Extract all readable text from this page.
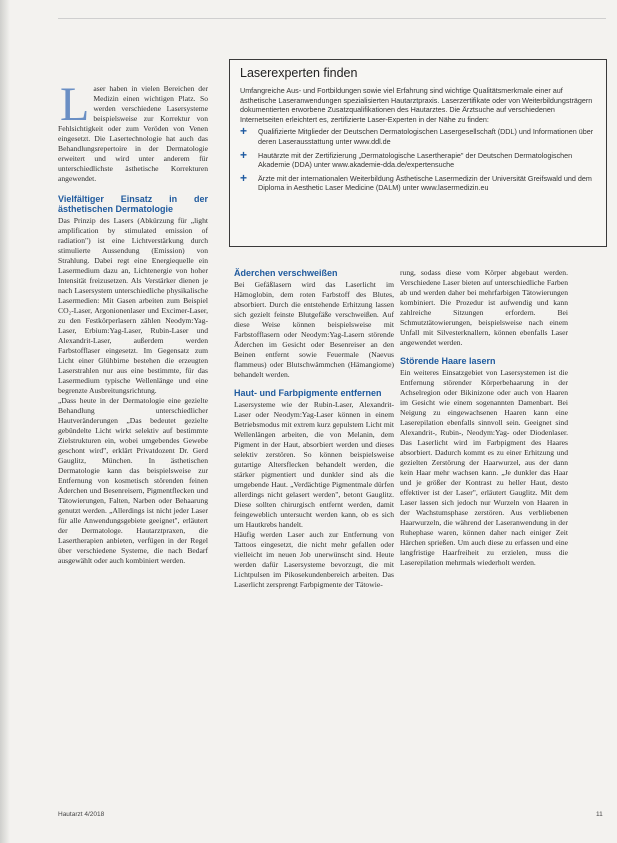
Laserexperten finden

Umfangreiche Aus- und Fortbildungen sowie viel Erfahrung sind wichtige Qualitätsmerkmale einer auf ästhetische Laseranwendungen spezialisierten Hautarztpraxis. Laserzertifikate oder von Weiterbildungsträgern dokumentierten erworbene Zusatzqualifikationen des Hautarztes. Die Ärztsuche auf verschiedenen Internetseiten erleichtert es, zertifizierte Laser-Experten in der Nähe zu finden:

+ Qualifizierte Mitglieder der Deutschen Dermatologischen Lasergesellschaft (DDL) und Informationen über deren Laserausstattung unter www.ddl.de
+ Hautärzte mit der Zertifizierung „Dermatologische Lasertherapie" der Deutschen Dermatologischen Akademie (DDA) unter www.akademie-dda.de/expertensuche
+ Ärzte mit der internationalen Weiterbildung Ästhetische Lasermedizin der Universität Greifswald und dem Diploma in Aesthetic Laser Medicine (DALM) unter www.lasermedizin.eu

Laser haben in vielen Bereichen der Medizin einen wichtigen Platz. So werden verschiedene Lasersysteme beispielsweise zur Korrektur von Fehlsichtigkeit oder zum Veröden von Venen eingesetzt. Die Lasertechnologie hat auch das Behandlungsrepertoire in der Dermatologie erweitert und wird unter anderem für unterschiedlichste ästhetische Korrekturen angewendet.

Vielfältiger Einsatz in der ästhetischen Dermatologie

Das Prinzip des Lasers (Abkürzung für „light amplification by stimulated emission of radiation") ist eine Lichtverstärkung durch stimulierte Aussendung (Emission) von Strahlung. Dabei regt eine Energiequelle ein Lasermedium dazu an, Lichtenergie von hoher Intensität freizusetzen. Als Verstärker dienen je nach Lasersystem unterschiedliche physikalische Lasermedien: Mit Gasen arbeiten zum Beispiel CO₂-Laser, Argonionenlaser und Excimer-Laser, zu den Festkörperlasern zählen Neodym:Yag-Laser, Erbium:Yag-Laser, Rubin-Laser und Alexandrit-Laser, außerdem werden Farbstofflaser eingesetzt. Im Gegensatz zum Licht einer Glühbirne bestehen die erzeugten Laserstrahlen nur aus eine bestimmte, für das Lasermedium typische Wellenlänge und eine begrenzte Ausbreitungsrichtung.

„Dass heute in der Dermatologie eine gezielte Behandlung unterschiedlicher Hautveränderungen „Das bedeutet gezielte gebündelte Licht wirkt selektiv auf bestimmte Zielstrukturen ein, wobei umgebendes Gewebe geschont wird", erklärt Privatdozent Dr. Gerd Gauglitz, München. In ästhetischen Dermatologie kann das beispielsweise zur Entfernung von kosmetisch störenden feinen Äderchen und Besenreisern, Pigmentflecken und Tätowierungen, Falten, Narben oder Behaarung genutzt werden. „Allerdings ist nicht jeder Laser für alle Anwendungsgebiete geeignet", erläutert der Dermatologe. Hautarztpraxen, die Lasertherapien anbieten, verfügen in der Regel über verschiedene Systeme, die nach Bedarf ausgewählt oder auch kombiniert werden.

Äderchen verschweißen

Bei Gefäßlasern wird das Laserlicht im Hämoglobin, dem roten Farbstoff des Blutes, absorbiert. Durch die entstehende Erhitzung lassen sich gezielt feinste Blutgefäße verschweißen. Auf diese Weise können beispielsweise mit Farbstofflasern oder Neodym:Yag-Lasern störende Äderchen im Gesicht oder Besenreiser an den Beinen entfernt sowie Feuermale (Naevus flammeus) oder Blutschwämmchen (Hämangiome) behandelt werden.

Haut- und Farbpigmente entfernen

Lasersysteme wie der Rubin-Laser, Alexandrit-Laser oder Neodym:Yag-Laser können in einem Betriebsmodus mit extrem kurz gepulstem Licht mit Wellenlängen arbeiten, die von Melanin, dem Pigment in der Haut, absorbiert werden und dieses selektiv zerstören. So können beispielsweise gutartige Altersflecken behandelt werden, die stärker pigmentiert und dunkler sind als die umgebende Haut. „Verdächtige Pigmentmale dürfen allerdings nicht gelasert werden", betont Gauglitz. Diese sollten chirurgisch entfernt werden, damit feingeweblich untersucht werden kann, ob es sich um Hautkrebs handelt.

Häufig werden Laser auch zur Entfernung von Tattoos eingesetzt, die nicht mehr gefallen oder vielleicht im neuen Job unerwünscht sind. Heute werden dafür Lasersysteme bevorzugt, die mit Lichtpulsen im Pikosekundenbereich arbeiten. Das Laserlicht zersprengt Farbpigmente der Tätowie-

rung, sodass diese vom Körper abgebaut werden. Verschiedene Laser bieten auf unterschiedliche Farben ab und werden daher bei mehrfarbigen Tätowierungen kombiniert. Die Prozedur ist aufwendig und kann zahlreiche Sitzungen erfordern. Bei Schmutztätowierungen, beispielsweise nach einem Unfall mit Silvesterknallern, können ebenfalls Laser angewendet werden.

Störende Haare lasern

Ein weiteres Einsatzgebiet von Lasersystemen ist die Entfernung störender Körperbehaarung in der Achselregion oder Bikinizone oder auch von Haaren im Gesicht wie einem sogenannten Damenbart. Bei Neigung zu eingewachsenen Haaren kann eine Laserepilation ebenfalls sinnvoll sein. Geeignet sind Alexandrit-, Rubin-, Neodym:Yag- oder Diodenlaser. Das Laserlicht wird im Farbpigment des Haares absorbiert. Dadurch kommt es zu einer Erhitzung und gezielten Zerstörung der Haarwurzel, aus der dann kein Haar mehr wachsen kann. „Je dunkler das Haar und je größer der Kontrast zu heller Haut, desto effektiver ist der Laser", erläutert Gauglitz. Mit dem Laser lassen sich jedoch nur Wurzeln von Haaren in der Wachstumsphase zerstören. Aus verbliebenen Haarwurzeln, die während der Laseranwendung in der Ruhephase waren, können daher nach einiger Zeit Härchen sprießen. Um auch diese zu erfassen und eine langfristige Haarfreiheit zu erzielen, muss die Laserepilation mehrmals wiederholt werden.

Hautarzt 4/2018	11
